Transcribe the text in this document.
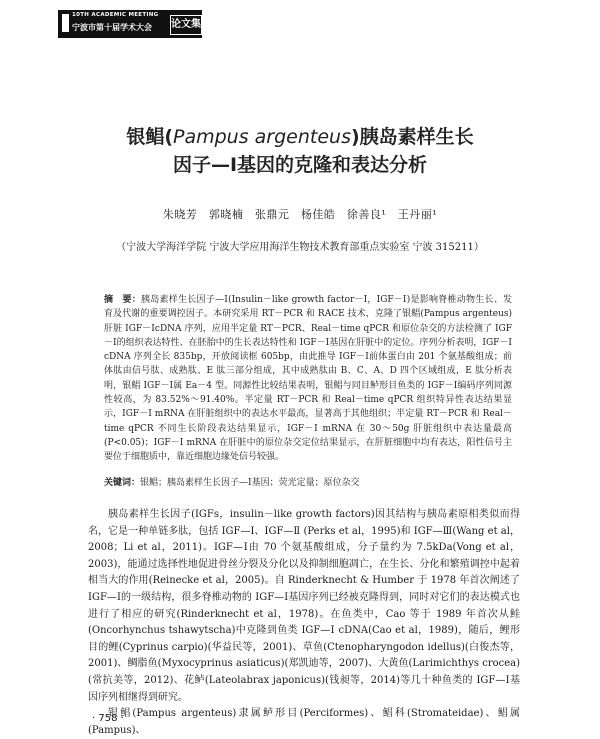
10TH ACADEMIC MEETING
宁波市第十届学术大会 论文集
银鲳(Pampus argenteus)胰岛素样生长
因子—Ⅰ基因的克隆和表达分析
朱晓芳　郭晓楠　张鼎元　杨佳皓　徐善良¹　王丹丽¹
（宁波大学海洋学院 宁波大学应用海洋生物技术教育部重点实验室 宁波 315211）
摘　要：胰岛素样生长因子—Ⅰ(Insulin－like growth factor－Ⅰ，IGF－Ⅰ)是影响脊椎动物生长、发育及代谢的重要调控因子。本研究采用 RT－PCR 和 RACE 技术，克隆了银鲳(Pampus argenteus)肝脏 IGF－ⅠcDNA 序列，应用半定量 RT－PCR、Real－time qPCR 和原位杂交的方法检测了 IGF－Ⅰ的组织表达特性、在胚胎中的生长表达特性和 IGF－Ⅰ基因在肝脏中的定位。序列分析表明，IGF－Ⅰ cDNA 序列全长 835bp，开放阅读框 605bp，由此推导 IGF－Ⅰ前体蛋白由 201 个氨基酸组成；前体肽由信号肽、成熟肽、E 肽三部分组成，其中成熟肽由 B、C、A、D 四个区域组成，E 肽分析表明，银鲳 IGF－Ⅰ属 Ea－4 型。同源性比较结果表明，银鲳与同目鲈形目鱼类的 IGF－Ⅰ编码序列同源性较高，为 83.52%～91.40%。半定量 RT－PCR 和 Real－time qPCR 组织特异性表达结果显示，IGF－Ⅰ mRNA 在肝脏组织中的表达水平最高，显著高于其他组织；半定量 RT－PCR 和 Real－time qPCR 不同生长阶段表达结果显示，IGF－Ⅰ mRNA 在 30～50g 肝脏组织中表达量最高(P<0.05)；IGF－Ⅰ mRNA 在肝脏中的原位杂交定位结果显示，在肝脏细胞中均有表达，阳性信号主要位于细胞质中，靠近细胞边缘处信号较强。
关键词：银鲳；胰岛素样生长因子—Ⅰ基因；荧光定量；原位杂交

胰岛素样生长因子(IGFs，insulin－like growth factors)因其结构与胰岛素原相类似而得名，它是一种单链多肽，包括 IGF—Ⅰ、IGF—Ⅱ (Perks et al，1995)和 IGF—Ⅲ(Wang et al，2008；Li et al，2011)。IGF—Ⅰ由 70 个氨基酸组成，分子量约为 7.5kDa(Vong et al，2003)，能通过选择性地促进骨丝分裂及分化以及抑制细胞凋亡，在生长、分化和繁殖调控中起着相当大的作用(Reinecke et al，2005)。自 Rinderknecht & Humber 于 1978 年首次阐述了 IGF—Ⅰ的一级结构，很多脊椎动物的 IGF—Ⅰ基因序列已经被克隆得到，同时对它们的表达模式也进行了相应的研究(Rinderknecht et al，1978)。在鱼类中，Cao 等于 1989 年首次从鲑(Oncorhynchus tshawytscha)中克隆到鱼类 IGF—Ⅰ cDNA(Cao et al，1989)，随后，鲤形目的鲤(Cyprinus carpio)(华益民等，2001)、草鱼(Ctenopharyngodon idellus)(白俊杰等，2001)、鲷脂鱼(Myxocyprinus asiaticus)(郑凯迪等，2007)、大黄鱼(Larimichthys crocea)(常抗美等，2012)、花鲈(Lateolabrax japonicus)(钱昶等，2014)等几十种鱼类的 IGF—Ⅰ基因序列相继得到研究。

银鲳(Pampus argenteus)隶属鲈形目(Perciformes)、鲳科(Stromateidae)、鲳属(Pampus)、

· 758 ·
